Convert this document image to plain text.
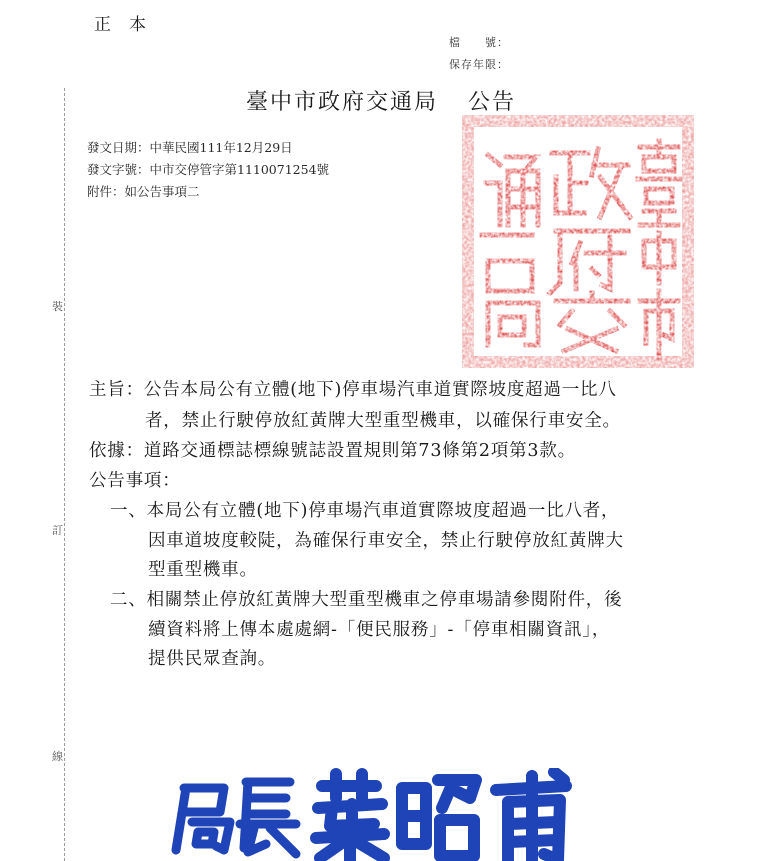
裝
訂
線
正本
檔　　號：
保存年限：
臺中市政府交通局 公告
發文日期：中華民國111年12月29日
發文字號：中市交停管字第1110071254號
附件：如公告事項二
主旨：公告本局公有立體(地下)停車場汽車道實際坡度超過一比八
者，禁止行駛停放紅黃牌大型重型機車，以確保行車安全。
依據：道路交通標誌標線號誌設置規則第73條第2項第3款。
公告事項：
一、本局公有立體(地下)停車場汽車道實際坡度超過一比八者，
因車道坡度較陡，為確保行車安全，禁止行駛停放紅黃牌大
型重型機車。
二、相關禁止停放紅黃牌大型重型機車之停車場請參閱附件，後
續資料將上傳本處處網-「便民服務」-「停車相關資訊」，
提供民眾查詢。
